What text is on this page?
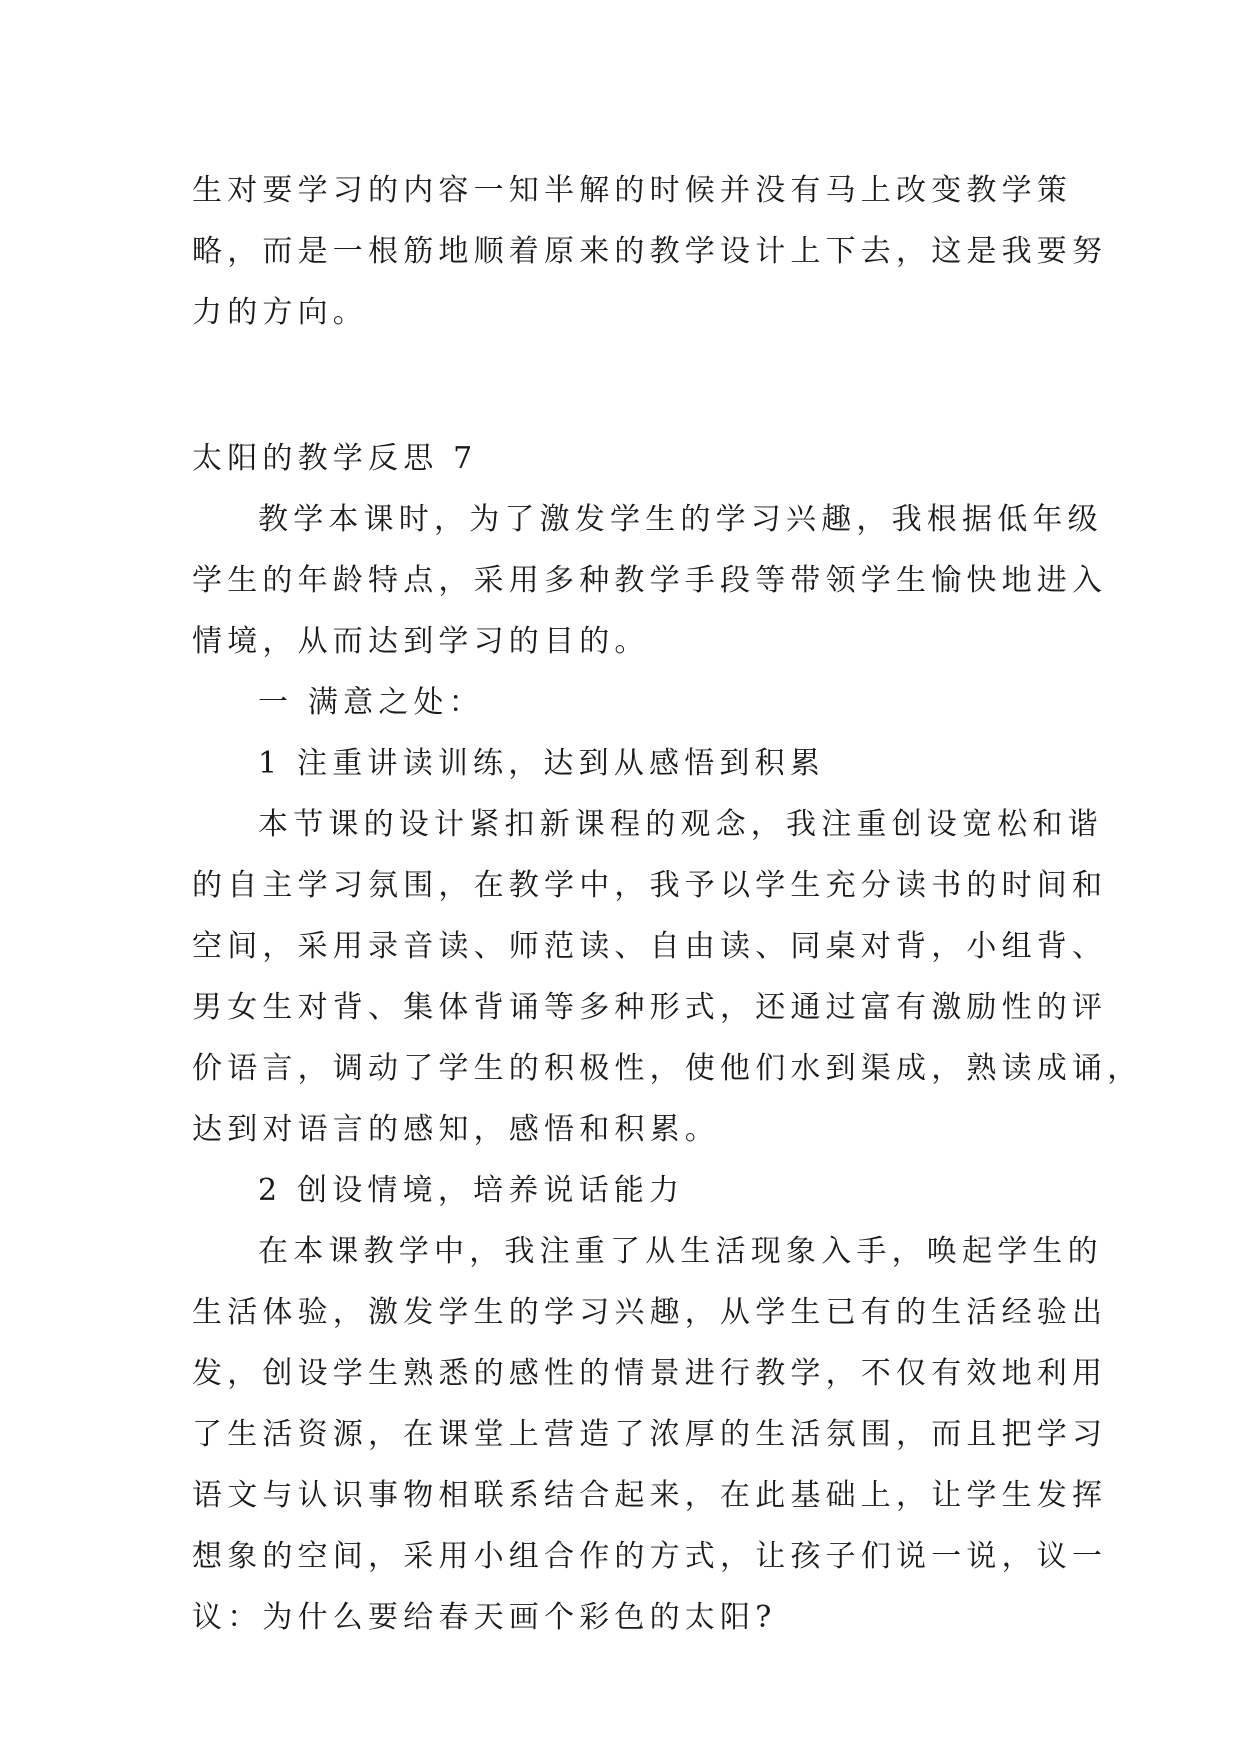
生对要学习的内容一知半解的时候并没有马上改变教学策
略，而是一根筋地顺着原来的教学设计上下去，这是我要努
力的方向。
太阳的教学反思 7
教学本课时，为了激发学生的学习兴趣，我根据低年级
学生的年龄特点，采用多种教学手段等带领学生愉快地进入
情境，从而达到学习的目的。
一 满意之处：
1 注重讲读训练，达到从感悟到积累
本节课的设计紧扣新课程的观念，我注重创设宽松和谐
的自主学习氛围，在教学中，我予以学生充分读书的时间和
空间，采用录音读、师范读、自由读、同桌对背，小组背、
男女生对背、集体背诵等多种形式，还通过富有激励性的评
价语言，调动了学生的积极性，使他们水到渠成，熟读成诵，
达到对语言的感知，感悟和积累。
2 创设情境，培养说话能力
在本课教学中，我注重了从生活现象入手，唤起学生的
生活体验，激发学生的学习兴趣，从学生已有的生活经验出
发，创设学生熟悉的感性的情景进行教学，不仅有效地利用
了生活资源，在课堂上营造了浓厚的生活氛围，而且把学习
语文与认识事物相联系结合起来，在此基础上，让学生发挥
想象的空间，采用小组合作的方式，让孩子们说一说，议一
议：为什么要给春天画个彩色的太阳?
